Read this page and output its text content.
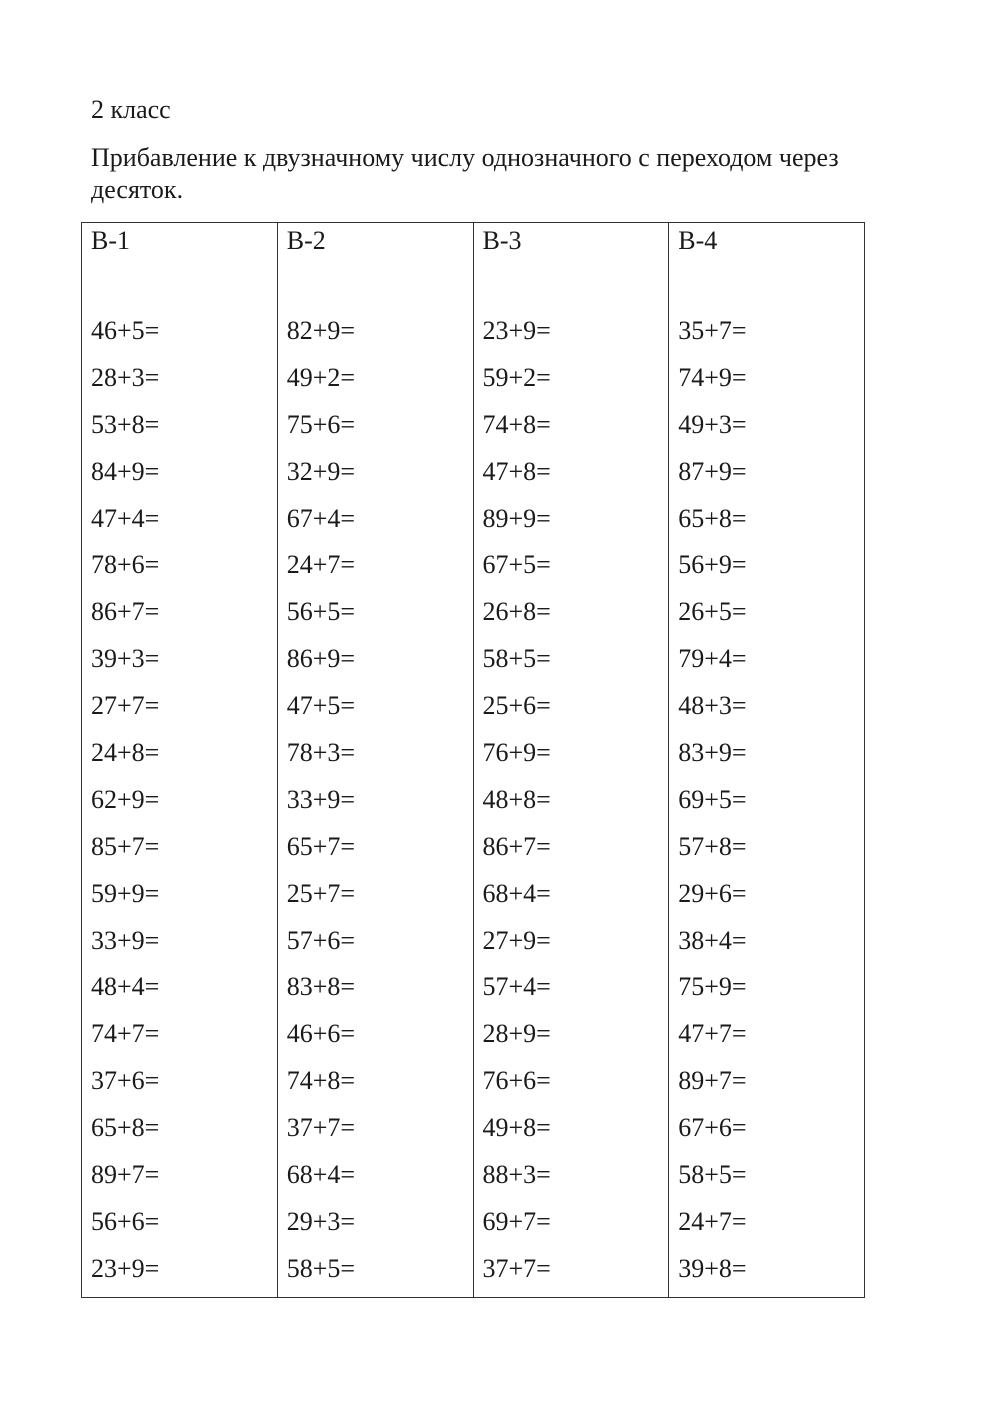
2 класс

Прибавление к двузначному числу однозначного с переходом через десяток.

В-1
46+5=
28+3=
53+8=
84+9=
47+4=
78+6=
86+7=
39+3=
27+7=
24+8=
62+9=
85+7=
59+9=
33+9=
48+4=
74+7=
37+6=
65+8=
89+7=
56+6=
23+9=
В-2
82+9=
49+2=
75+6=
32+9=
67+4=
24+7=
56+5=
86+9=
47+5=
78+3=
33+9=
65+7=
25+7=
57+6=
83+8=
46+6=
74+8=
37+7=
68+4=
29+3=
58+5=
В-3
23+9=
59+2=
74+8=
47+8=
89+9=
67+5=
26+8=
58+5=
25+6=
76+9=
48+8=
86+7=
68+4=
27+9=
57+4=
28+9=
76+6=
49+8=
88+3=
69+7=
37+7=
В-4
35+7=
74+9=
49+3=
87+9=
65+8=
56+9=
26+5=
79+4=
48+3=
83+9=
69+5=
57+8=
29+6=
38+4=
75+9=
47+7=
89+7=
67+6=
58+5=
24+7=
39+8=
